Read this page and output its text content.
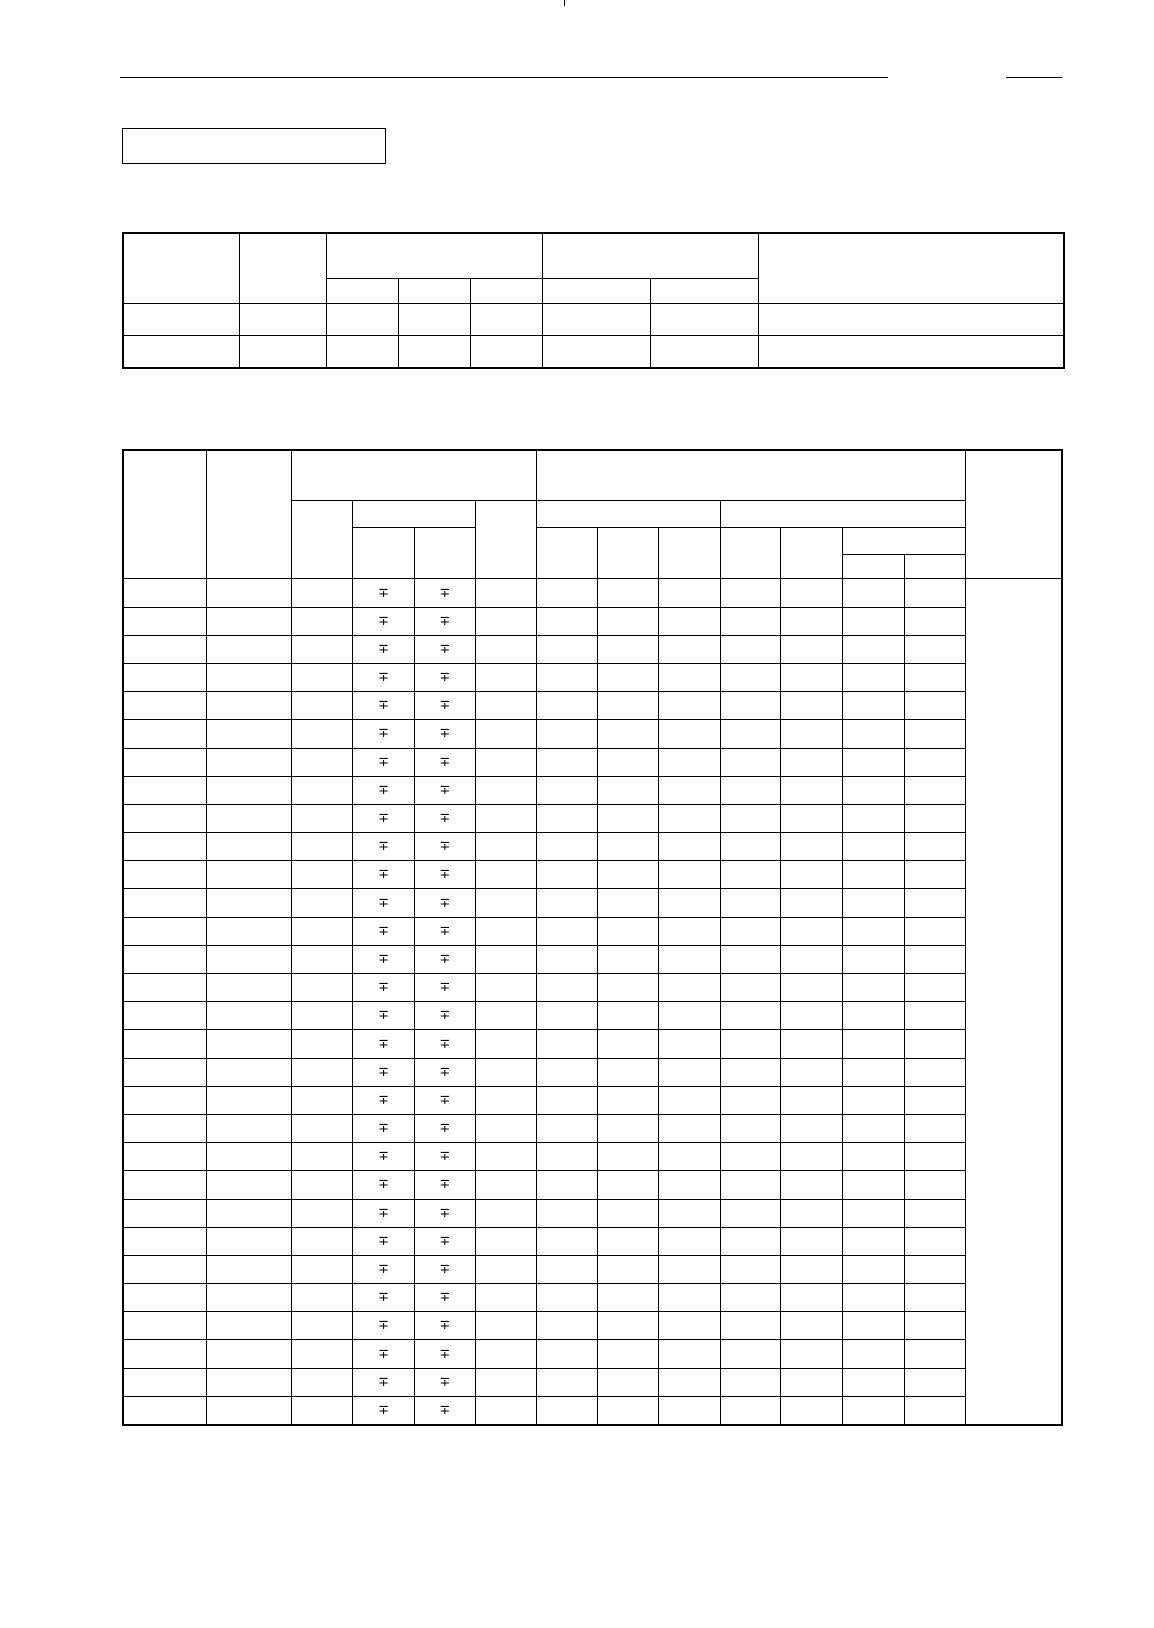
			∓	∓									
			∓	∓									
			∓	∓									
			∓	∓									
			∓	∓									
			∓	∓									
			∓	∓									
			∓	∓									
			∓	∓									
			∓	∓									
			∓	∓									
			∓	∓									
			∓	∓									
			∓	∓									
			∓	∓									
			∓	∓									
			∓	∓									
			∓	∓									
			∓	∓									
			∓	∓									
			∓	∓									
			∓	∓									
			∓	∓									
			∓	∓									
			∓	∓									
			∓	∓									
			∓	∓									
			∓	∓									
			∓	∓									
			∓	∓									
